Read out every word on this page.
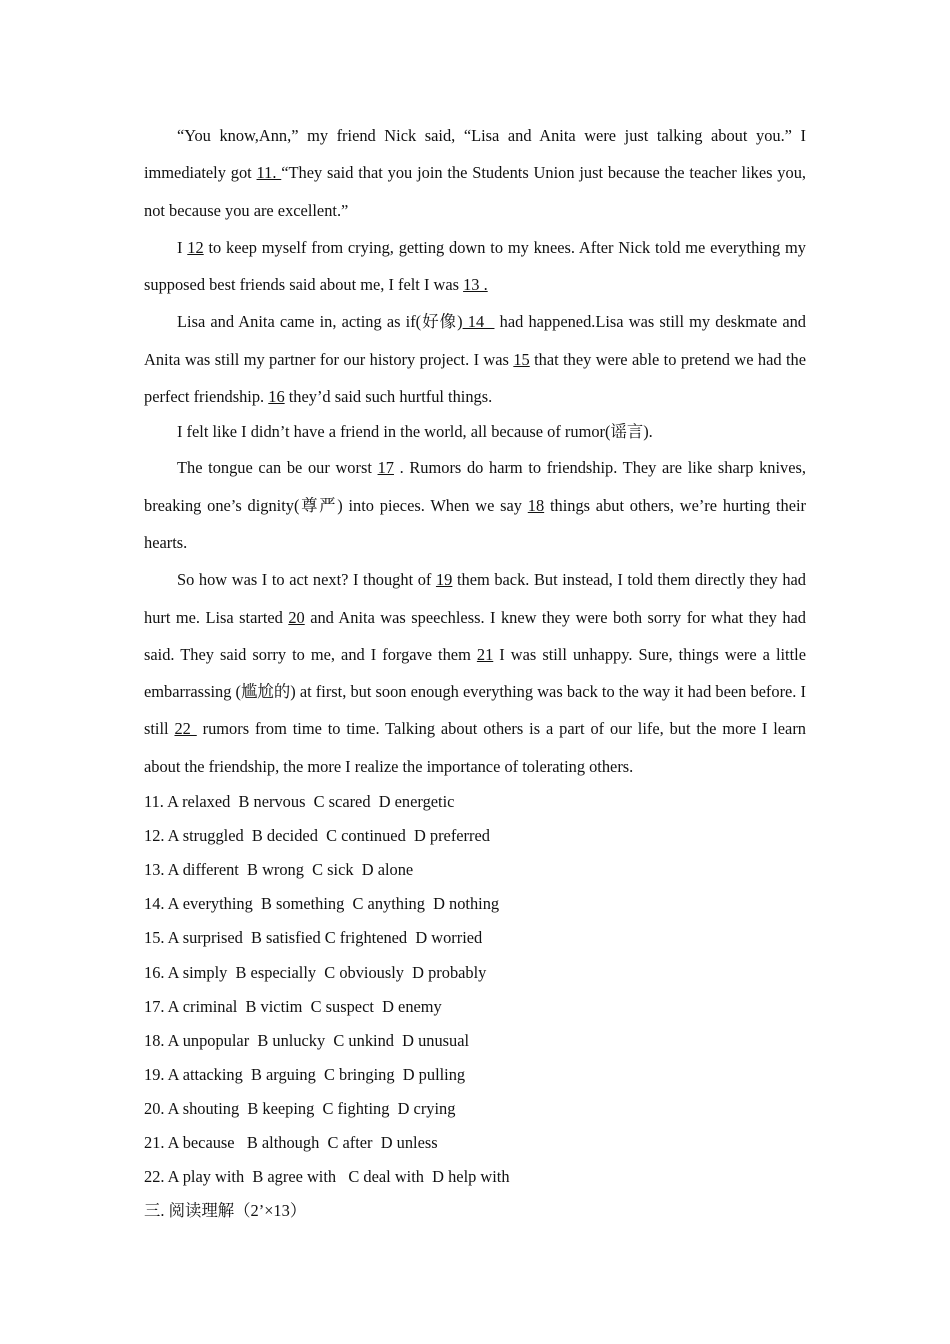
“You know,Ann,” my friend Nick said, “Lisa and Anita were just talking about you.” I immediately got 11. “They said that you join the Students Union just because the teacher likes you, not because you are excellent.”

I 12 to keep myself from crying, getting down to my knees. After Nick told me everything my supposed best friends said about me, I felt I was 13 .

Lisa and Anita came in, acting as if(好像) 14   had happened.Lisa was still my deskmate and Anita was still my partner for our history project. I was 15 that they were able to pretend we had the perfect friendship. 16 they’d said such hurtful things.

I felt like I didn’t have a friend in the world, all because of rumor(谣言).

The tongue can be our worst 17 . Rumors do harm to friendship. They are like sharp knives, breaking one’s dignity(尊严) into pieces. When we say 18 things abut others, we’re hurting their hearts.

So how was I to act next? I thought of 19 them back. But instead, I told them directly they had hurt me. Lisa started 20 and Anita was speechless. I knew they were both sorry for what they had said. They said sorry to me, and I forgave them 21 I was still unhappy. Sure, things were a little embarrassing (尴尬的) at first, but soon enough everything was back to the way it had been before. I still 22  rumors from time to time. Talking about others is a part of our life, but the more I learn about the friendship, the more I realize the importance of tolerating others.

11. A relaxed  B nervous  C scared  D energetic
12. A struggled  B decided  C continued  D preferred
13. A different  B wrong  C sick  D alone
14. A everything  B something  C anything  D nothing
15. A surprised  B satisfied C frightened  D worried
16. A simply  B especially  C obviously  D probably
17. A criminal  B victim  C suspect  D enemy
18. A unpopular  B unlucky  C unkind  D unusual
19. A attacking  B arguing  C bringing  D pulling
20. A shouting  B keeping  C fighting  D crying
21. A because   B although  C after  D unless
22. A play with  B agree with   C deal with  D help with
三. 阅读理解（2’×13）
